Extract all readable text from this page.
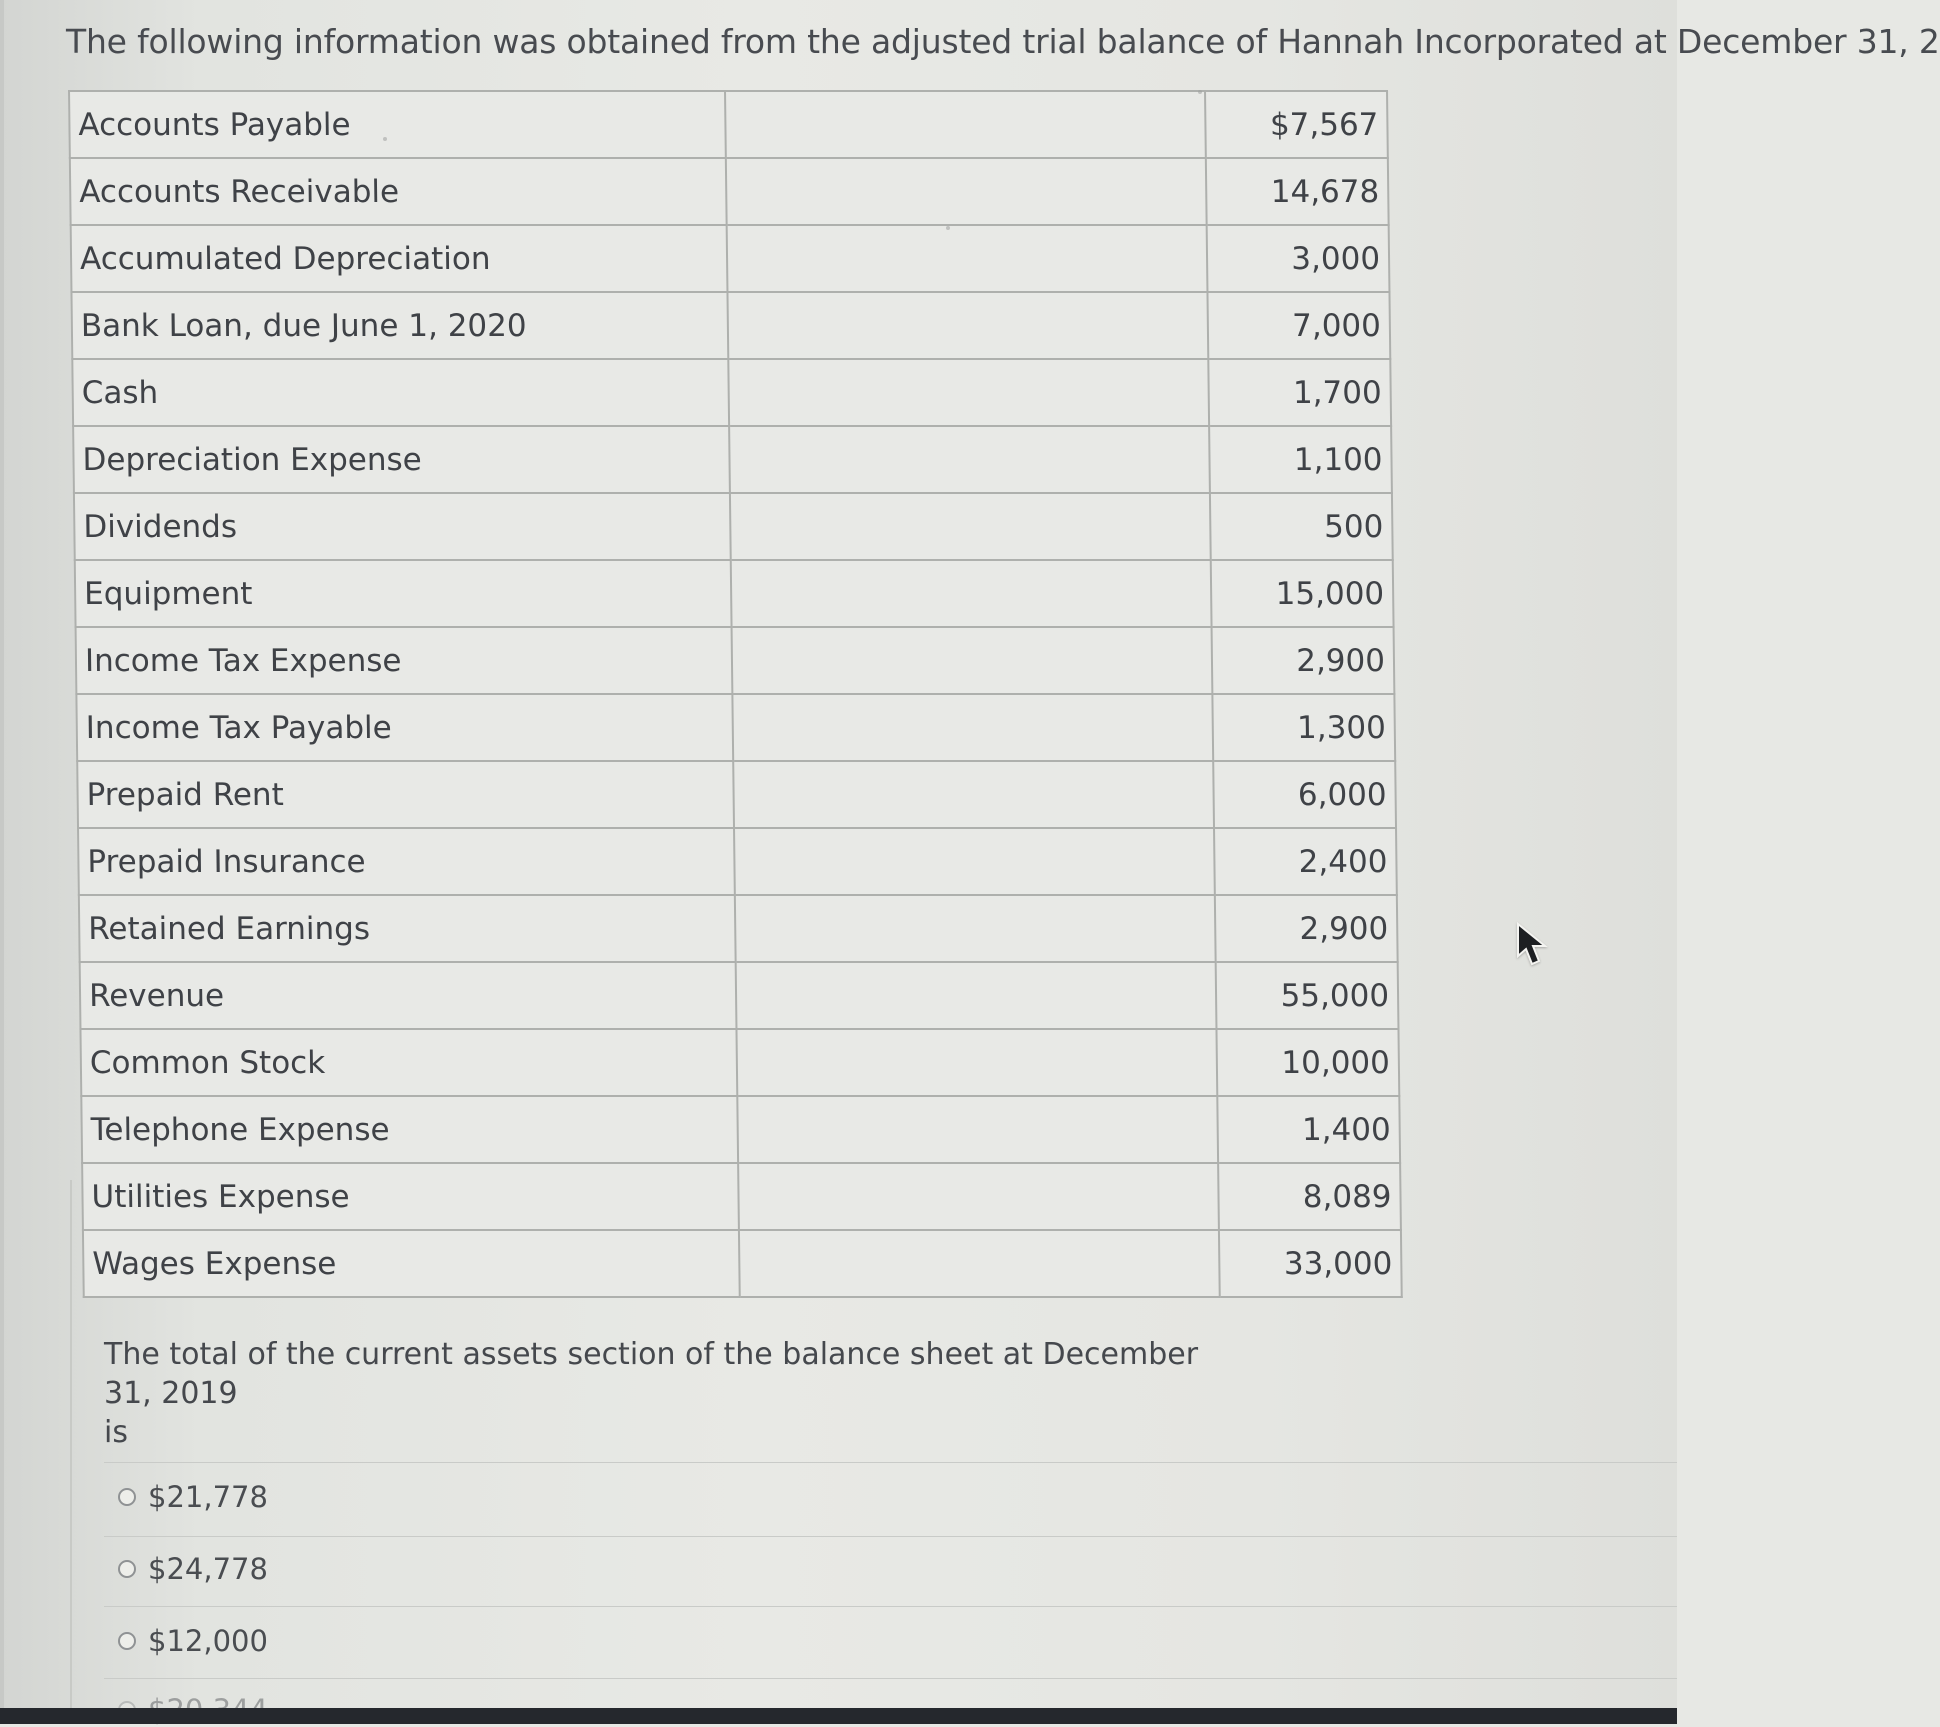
The following information was obtained from the adjusted trial balance of Hannah Incorporated at December 31, 2
Accounts Payable		$7,567
Accounts Receivable		14,678
Accumulated Depreciation		3,000
Bank Loan, due June 1, 2020		7,000
Cash		1,700
Depreciation Expense		1,100
Dividends		500
Equipment		15,000
Income Tax Expense		2,900
Income Tax Payable		1,300
Prepaid Rent		6,000
Prepaid Insurance		2,400
Retained Earnings		2,900
Revenue		55,000
Common Stock		10,000
Telephone Expense		1,400
Utilities Expense		8,089
Wages Expense		33,000
The total of the current assets section of the balance sheet at December 31, 2019
is
$21,778
$24,778
$12,000
